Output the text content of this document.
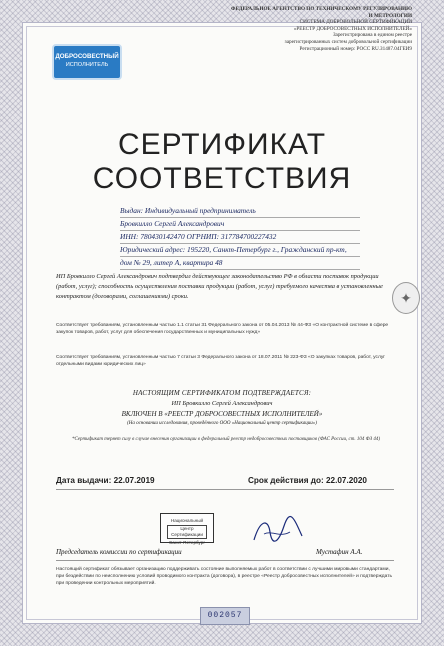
ФЕДЕРАЛЬНОЕ АГЕНТСТВО ПО ТЕХНИЧЕСКОМУ РЕГУЛИРОВАНИЮ
И МЕТРОЛОГИИ
СИСТЕМА ДОБРОВОЛЬНОЙ СЕРТИФИКАЦИИ
«РЕЕСТР ДОБРОСОВЕСТНЫХ ИСПОЛНИТЕЛЕЙ»
Зарегистрирована в едином реестре
зарегистрированных систем добровольной сертификации
Регистрационный номер: РОСС RU.З1487.04ГЕИ9
ДОБРОСОВЕСТНЫЙ
ИСПОЛНИТЕЛЬ
СЕРТИФИКАТ
СООТВЕТСТВИЯ
Выдан: Индивидуальный предприниматель
Бровкилло Сергей Александрович
ИНН: 780430142470 ОГРНИП: 317784700227432
Юридический адрес: 195220, Санкт-Петербург г., Гражданский пр-кт,
дом № 29, литер А, квартира 48
ИП Бровкилло Сергей Александрович подтвердил действующее законодательство РФ в области поставок продукции (работ, услуг); способность осуществления поставки продукции (работ, услуг) требуемого качества в установленные контрактом (договорами, соглашениями) сроки.	✦
Соответствует требованиям, установленным частью 1.1 статьи 31 Федерального закона от 05.04.2013 № 44-ФЗ «О контрактной системе в сфере закупок товаров, работ, услуг для обеспечения государственных и муниципальных нужд»
Соответствует требованиям, установленным частью 7 статьи 3 Федерального закона от 18.07.2011 № 223-ФЗ «О закупках товаров, работ, услуг отдельными видами юридических лиц»
НАСТОЯЩИМ СЕРТИФИКАТОМ ПОДТВЕРЖДАЕТСЯ:
ИП Бровкилло Сергей Александрович
ВКЛЮЧЕН В «РЕЕСТР ДОБРОСОВЕСТНЫХ ИСПОЛНИТЕЛЕЙ»
(На основании исследования, проведённого ООО «Национальный центр сертификации»)
*Сертификат теряет силу в случае внесения организации в федеральный реестр недобросовестных поставщиков (ФАС России, ст. 104 ФЗ 44)
Дата выдачи: 22.07.2019	Срок действия до: 22.07.2020
Национальный
Центр Сертификации
Санкт-Петербург
Председатель комиссии по сертификации	Мустафин А.А.
Настоящий сертификат обязывает организацию поддерживать состояние выполняемых работ в соответствии с лучшими мировыми стандартами, при бездействии по неисполнению условий проводимого контракта (договора), в реестре «Реестр добросовестных исполнителей» и подтверждать при проведении контрольных мероприятий.
002057
